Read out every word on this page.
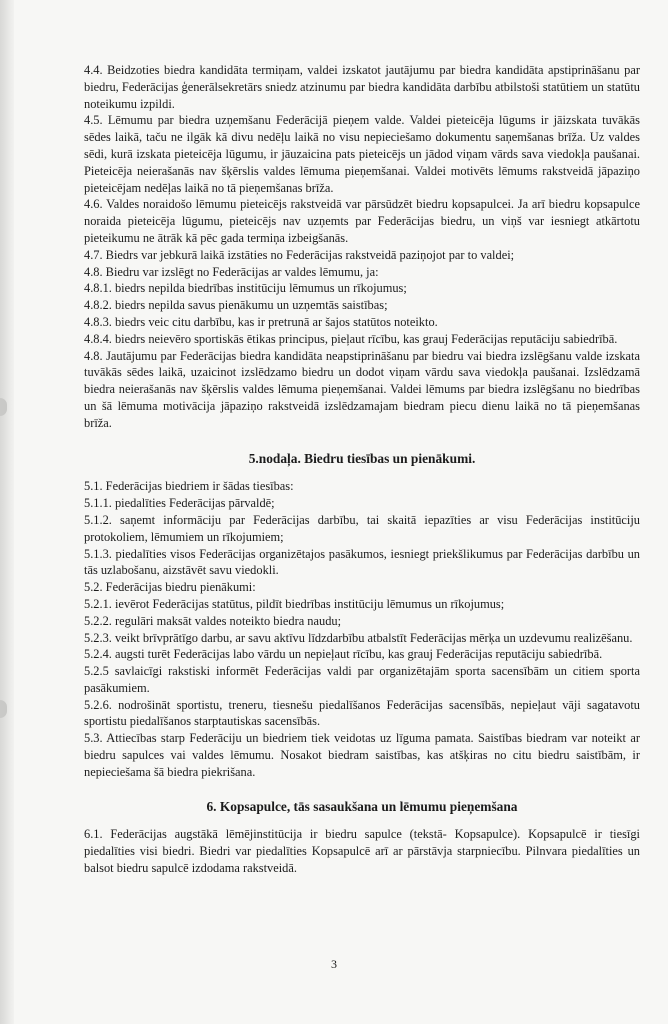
4.4. Beidzoties biedra kandidāta termiņam, valdei izskatot jautājumu par biedra kandidāta apstiprināšanu par biedru, Federācijas ģenerālsekretārs sniedz atzinumu par biedra kandidāta darbību atbilstoši statūtiem un statūtu noteikumu izpildi.

4.5. Lēmumu par biedra uzņemšanu Federācijā pieņem valde. Valdei pieteicēja lūgums ir jāizskata tuvākās sēdes laikā, taču ne ilgāk kā divu nedēļu laikā no visu nepieciešamo dokumentu saņemšanas brīža. Uz valdes sēdi, kurā izskata pieteicēja lūgumu, ir jāuzaicina pats pieteicējs un jādod viņam vārds sava viedokļa paušanai. Pieteicēja neierašanās nav šķērslis valdes lēmuma pieņemšanai. Valdei motivēts lēmums rakstveidā jāpaziņo pieteicējam nedēļas laikā no tā pieņemšanas brīža.

4.6. Valdes noraidošo lēmumu pieteicējs rakstveidā var pārsūdzēt biedru kopsapulcei. Ja arī biedru kopsapulce noraida pieteicēja lūgumu, pieteicējs nav uzņemts par Federācijas biedru, un viņš var iesniegt atkārtotu pieteikumu ne ātrāk kā pēc gada termiņa izbeigšanās.

4.7. Biedrs var jebkurā laikā izstāties no Federācijas rakstveidā paziņojot par to valdei;

4.8. Biedru var izslēgt no Federācijas ar valdes lēmumu, ja:

4.8.1. biedrs nepilda biedrības institūciju lēmumus un rīkojumus;

4.8.2. biedrs nepilda savus pienākumu un uzņemtās saistības;

4.8.3. biedrs veic citu darbību, kas ir pretrunā ar šajos statūtos noteikto.

4.8.4. biedrs neievēro sportiskās ētikas principus, pieļaut rīcību, kas grauj Federācijas reputāciju sabiedrībā.

4.8. Jautājumu par Federācijas biedra kandidāta neapstiprināšanu par biedru vai biedra izslēgšanu valde izskata tuvākās sēdes laikā, uzaicinot izslēdzamo biedru un dodot viņam vārdu sava viedokļa paušanai. Izslēdzamā biedra neierašanās nav šķērslis valdes lēmuma pieņemšanai. Valdei lēmums par biedra izslēgšanu no biedrības un šā lēmuma motivācija jāpaziņo rakstveidā izslēdzamajam biedram piecu dienu laikā no tā pieņemšanas brīža.

5.nodaļa. Biedru tiesības un pienākumi.

5.1. Federācijas biedriem ir šādas tiesības:

5.1.1. piedalīties Federācijas pārvaldē;

5.1.2. saņemt informāciju par Federācijas darbību, tai skaitā iepazīties ar visu Federācijas institūciju protokoliem, lēmumiem un rīkojumiem;

5.1.3. piedalīties visos Federācijas organizētajos pasākumos, iesniegt priekšlikumus par Federācijas darbību un tās uzlabošanu, aizstāvēt savu viedokli.

5.2. Federācijas biedru pienākumi:

5.2.1. ievērot Federācijas statūtus, pildīt biedrības institūciju lēmumus un rīkojumus;

5.2.2. regulāri maksāt valdes noteikto biedra naudu;

5.2.3. veikt brīvprātīgo darbu, ar savu aktīvu līdzdarbību atbalstīt Federācijas mērķa un uzdevumu realizēšanu.

5.2.4. augsti turēt Federācijas labo vārdu un nepieļaut rīcību, kas grauj Federācijas reputāciju sabiedrībā.

5.2.5 savlaicīgi rakstiski informēt Federācijas valdi par organizētajām sporta sacensībām un citiem sporta pasākumiem.

5.2.6. nodrošināt sportistu, treneru, tiesnešu piedalīšanos Federācijas sacensībās, nepieļaut vāji sagatavotu sportistu piedalīšanos starptautiskas sacensībās.

5.3. Attiecības starp Federāciju un biedriem tiek veidotas uz līguma pamata. Saistības biedram var noteikt ar biedru sapulces vai valdes lēmumu. Nosakot biedram saistības, kas atšķiras no citu biedru saistībām, ir nepieciešama šā biedra piekrišana.

6. Kopsapulce, tās sasaukšana un lēmumu pieņemšana

6.1. Federācijas augstākā lēmējinstitūcija ir biedru sapulce (tekstā- Kopsapulce). Kopsapulcē ir tiesīgi piedalīties visi biedri. Biedri var piedalīties Kopsapulcē arī ar pārstāvja starpniecību. Pilnvara piedalīties un balsot biedru sapulcē izdodama rakstveidā.

3
